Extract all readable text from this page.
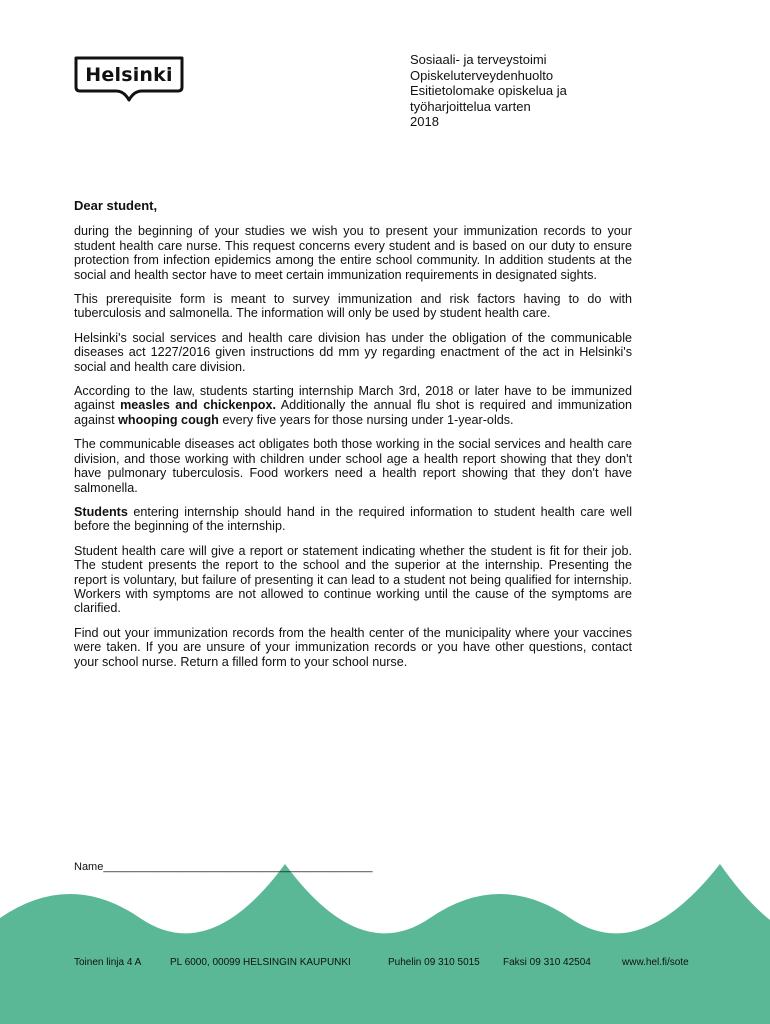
Helsinki
Sosiaali- ja terveystoimi
Opiskeluterveydenhuolto
Esitietolomake opiskelua ja
työharjoittelua varten
2018
Dear student,

during the beginning of your studies we wish you to present your immunization records to your student health care nurse. This request concerns every student and is based on our duty to ensure protection from infection epidemics among the entire school community. In addition students at the social and health sector have to meet certain immunization requirements in designated sights.

This prerequisite form is meant to survey immunization and risk factors having to do with tuberculosis and salmonella. The information will only be used by student health care.

Helsinki's social services and health care division has under the obligation of the communicable diseases act 1227/2016 given instructions dd mm yy regarding enactment of the act in Helsinki's social and health care division.

According to the law, students starting internship March 3rd, 2018 or later have to be immunized against measles and chickenpox. Additionally the annual flu shot is required and immunization against whooping cough every five years for those nursing under 1-year-olds.

The communicable diseases act obligates both those working in the social services and health care division, and those working with children under school age a health report showing that they don't have pulmonary tuberculosis. Food workers need a health report showing that they don't have salmonella.

Students entering internship should hand in the required information to student health care well before the beginning of the internship.

Student health care will give a report or statement indicating whether the student is fit for their job. The student presents the report to the school and the superior at the internship. Presenting the report is voluntary, but failure of presenting it can lead to a student not being qualified for internship. Workers with symptoms are not allowed to continue working until the cause of the symptoms are clarified.

Find out your immunization records from the health center of the municipality where your vaccines were taken. If you are unsure of your immunization records or you have other questions, contact your school nurse. Return a filled form to your school nurse.

Name____________________________________________
Toinen linja 4 A	PL 6000, 00099 HELSINGIN KAUPUNKI	Puhelin 09 310 5015 Faksi 09 310 42504	www.hel.fi/sote
